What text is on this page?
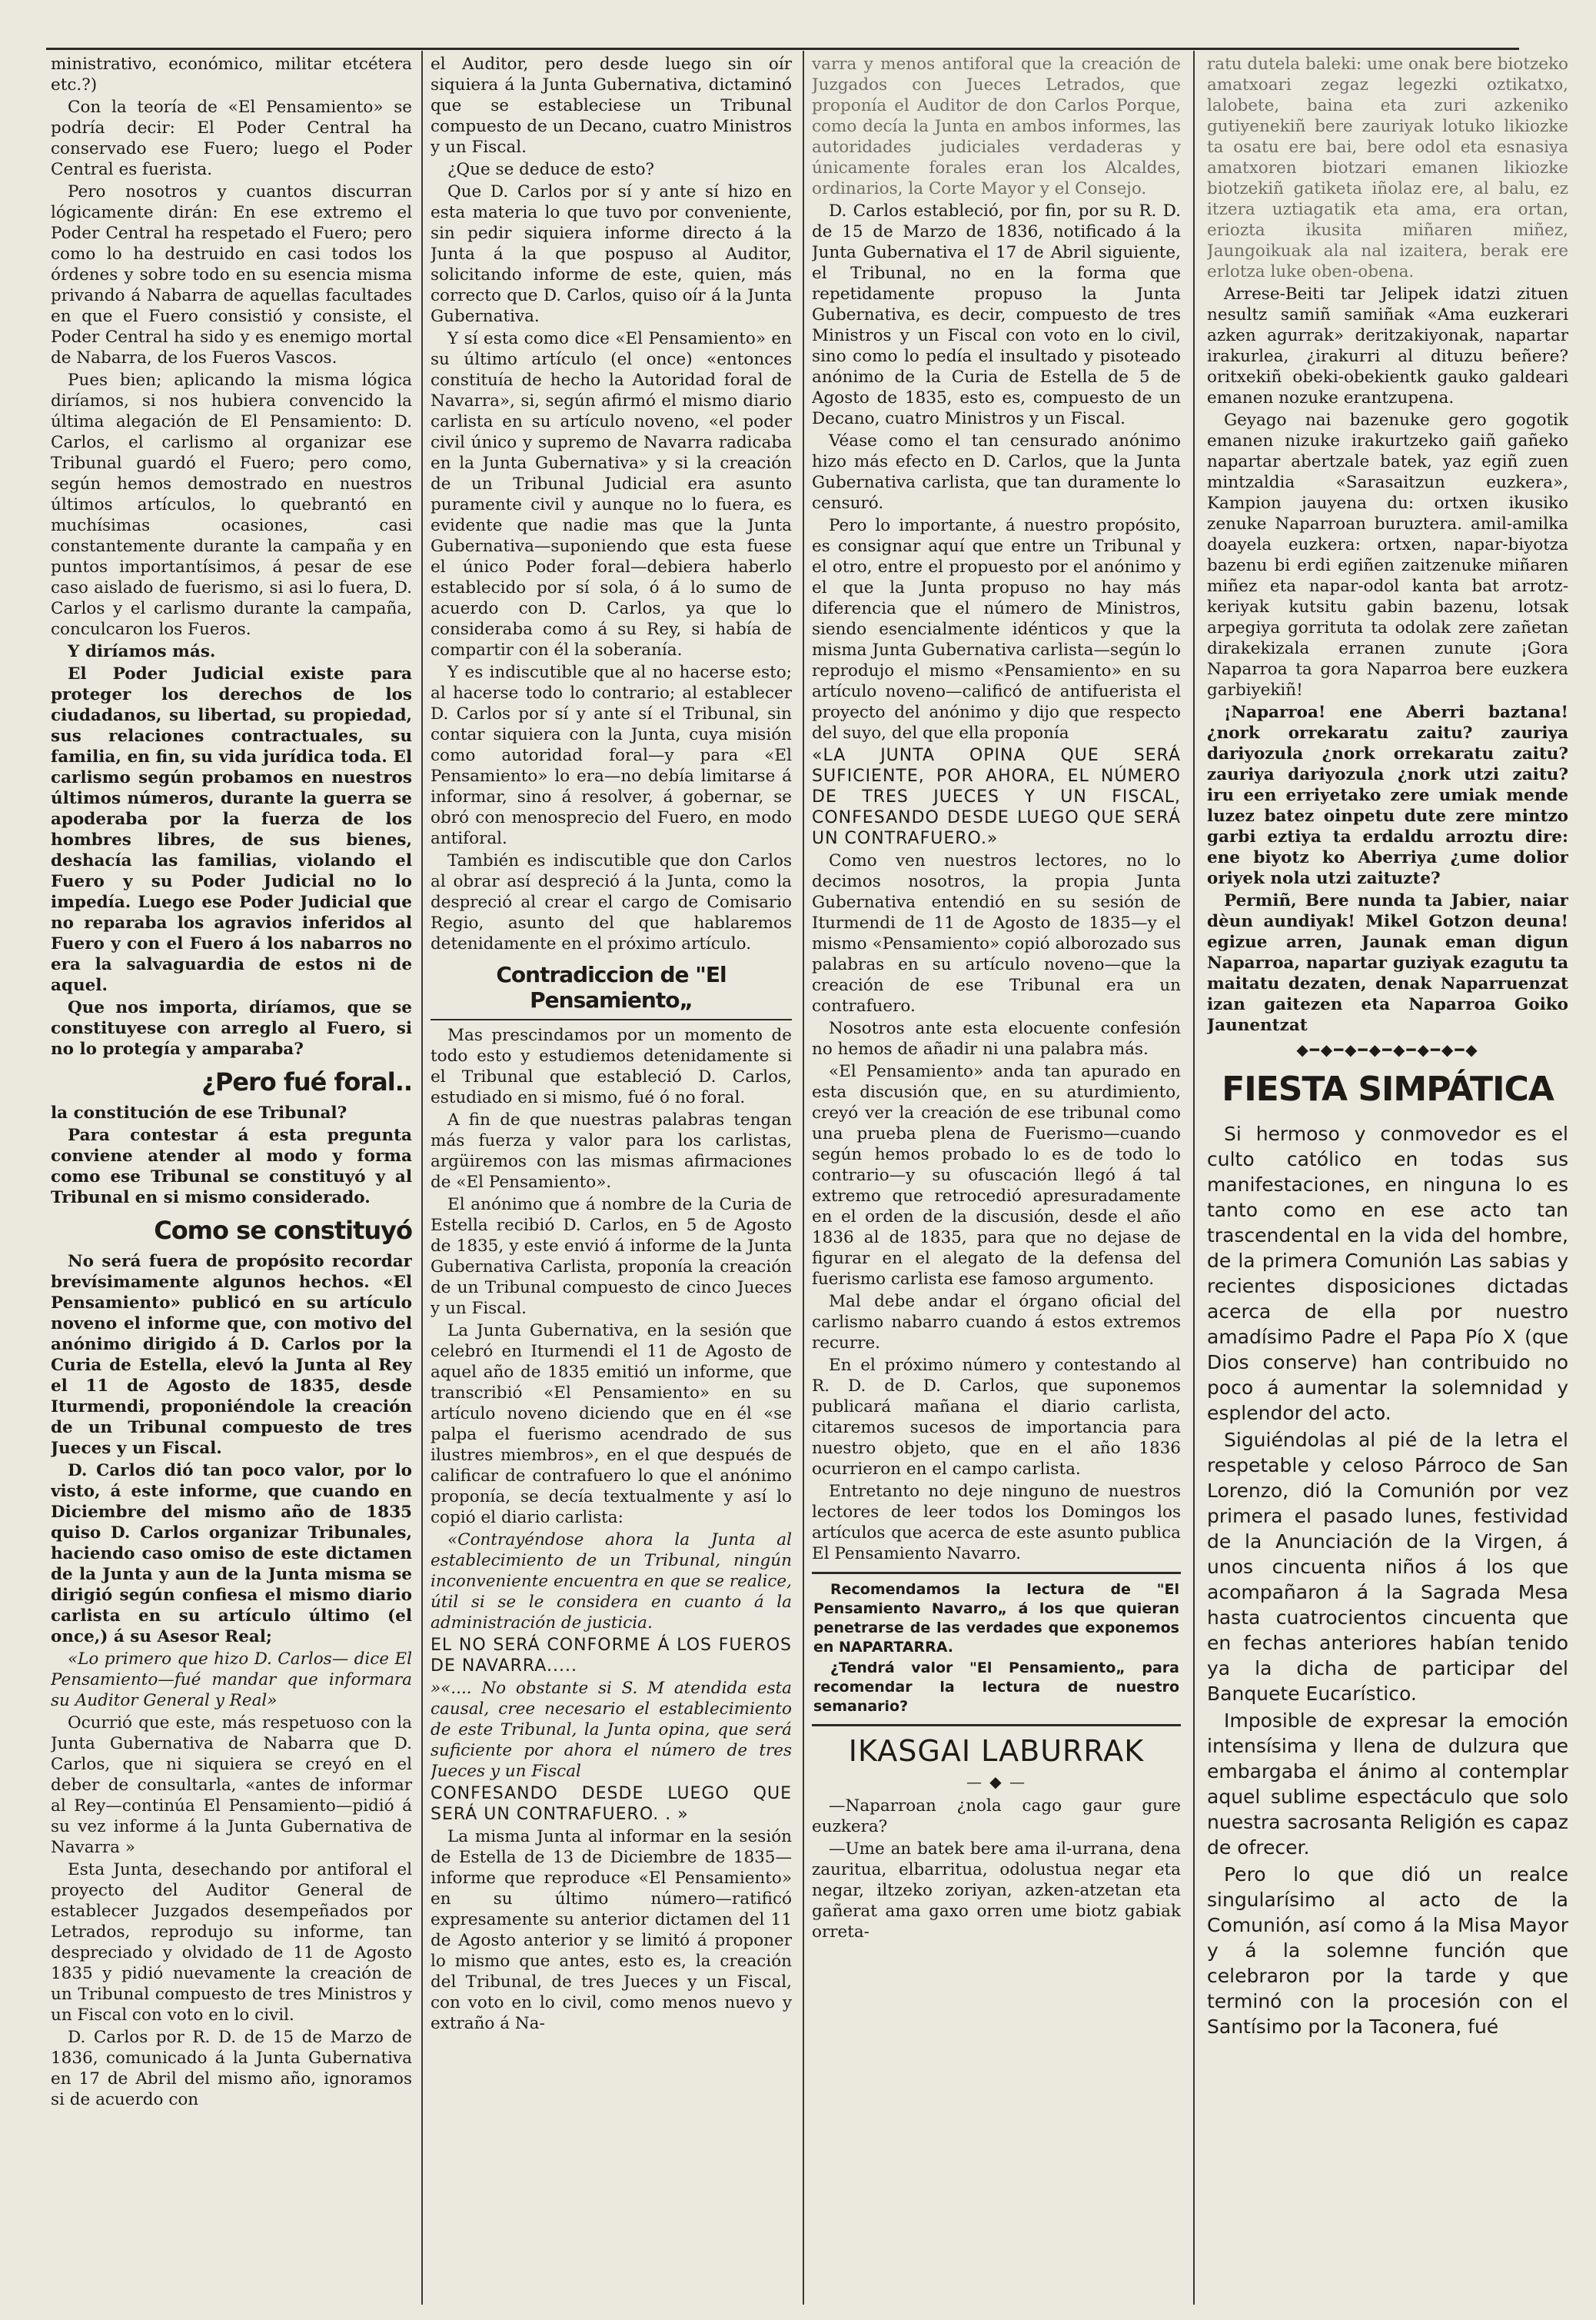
ministrativo, económico, militar etcétera etc.?)

Con la teoría de «El Pensamiento» se podría decir: El Poder Central ha conservado ese Fuero; luego el Poder Central es fuerista.

Pero nosotros y cuantos discurran lógicamente dirán: En ese extremo el Poder Central ha respetado el Fuero; pero como lo ha destruido en casi todos los órdenes y sobre todo en su esencia misma privando á Nabarra de aquellas facultades en que el Fuero consistió y consiste, el Poder Central ha sido y es enemigo mortal de Nabarra, de los Fueros Vascos.

Pues bien; aplicando la misma lógica diríamos, si nos hubiera convencido la última alegación de El Pensamiento: D. Carlos, el carlismo al organizar ese Tribunal guardó el Fuero; pero como, según hemos demostrado en nuestros últimos artículos, lo quebrantó en muchísimas ocasiones, casi constantemente durante la campaña y en puntos importantísimos, á pesar de ese caso aislado de fuerismo, si asi lo fuera, D. Carlos y el carlismo durante la campaña, conculcaron los Fueros.

Y diríamos más.

El Poder Judicial existe para proteger los derechos de los ciudadanos, su libertad, su propiedad, sus relaciones contractuales, su familia, en fin, su vida jurídica toda. El carlismo según probamos en nuestros últimos números, durante la guerra se apoderaba por la fuerza de los hombres libres, de sus bienes, deshacía las familias, violando el Fuero y su Poder Judicial no lo impedía. Luego ese Poder Judicial que no reparaba los agravios inferidos al Fuero y con el Fuero á los nabarros no era la salvaguardia de estos ni de aquel.

Que nos importa, diríamos, que se constituyese con arreglo al Fuero, si no lo protegía y amparaba?

¿Pero fué foral..

la constitución de ese Tribunal?

Para contestar á esta pregunta conviene atender al modo y forma como ese Tribunal se constituyó y al Tribunal en si mismo considerado.

Como se constituyó

No será fuera de propósito recordar brevísimamente algunos hechos. «El Pensamiento» publicó en su artículo noveno el informe que, con motivo del anónimo dirigido á D. Carlos por la Curia de Estella, elevó la Junta al Rey el 11 de Agosto de 1835, desde Iturmendi, proponiéndole la creación de un Tribunal compuesto de tres Jueces y un Fiscal.

D. Carlos dió tan poco valor, por lo visto, á este informe, que cuando en Diciembre del mismo año de 1835 quiso D. Carlos organizar Tribunales, haciendo caso omiso de este dictamen de la Junta y aun de la Junta misma se dirigió según confiesa el mismo diario carlista en su artículo último (el once,) á su Asesor Real;

«Lo primero que hizo D. Carlos— dice El Pensamiento—fué mandar que informara su Auditor General y Real»

Ocurrió que este, más respetuoso con la Junta Gubernativa de Nabarra que D. Carlos, que ni siquiera se creyó en el deber de consultarla, «antes de informar al Rey—continúa El Pensamiento—pidió á su vez informe á la Junta Gubernativa de Navarra »

Esta Junta, desechando por antiforal el proyecto del Auditor General de establecer Juzgados desempeñados por Letrados, reprodujo su informe, tan despreciado y olvidado de 11 de Agosto 1835 y pidió nuevamente la creación de un Tribunal compuesto de tres Ministros y un Fiscal con voto en lo civil.

D. Carlos por R. D. de 15 de Marzo de 1836, comunicado á la Junta Gubernativa en 17 de Abril del mismo año, ignoramos si de acuerdo con

el Auditor, pero desde luego sin oír siquiera á la Junta Gubernativa, dictaminó que se estableciese un Tribunal compuesto de un Decano, cuatro Ministros y un Fiscal.

¿Que se deduce de esto?

Que D. Carlos por sí y ante sí hizo en esta materia lo que tuvo por conveniente, sin pedir siquiera informe directo á la Junta á la que pospuso al Auditor, solicitando informe de este, quien, más correcto que D. Carlos, quiso oír á la Junta Gubernativa.

Y sí esta como dice «El Pensamiento» en su último artículo (el once) «entonces constituía de hecho la Autoridad foral de Navarra», si, según afirmó el mismo diario carlista en su artículo noveno, «el poder civil único y supremo de Navarra radicaba en la Junta Gubernativa» y si la creación de un Tribunal Judicial era asunto puramente civil y aunque no lo fuera, es evidente que nadie mas que la Junta Gubernativa—suponiendo que esta fuese el único Poder foral—debiera haberlo establecido por sí sola, ó á lo sumo de acuerdo con D. Carlos, ya que lo consideraba como á su Rey, si había de compartir con él la soberanía.

Y es indiscutible que al no hacerse esto; al hacerse todo lo contrario; al establecer D. Carlos por sí y ante sí el Tribunal, sin contar siquiera con la Junta, cuya misión como autoridad foral—y para «El Pensamiento» lo era—no debía limitarse á informar, sino á resolver, á gobernar, se obró con menosprecio del Fuero, en modo antiforal.

También es indiscutible que don Carlos al obrar así despreció á la Junta, como la despreció al crear el cargo de Comisario Regio, asunto del que hablaremos detenidamente en el próximo artículo.

Contradiccion de "El Pensamiento„

Mas prescindamos por un momento de todo esto y estudiemos detenidamente si el Tribunal que estableció D. Carlos, estudiado en si mismo, fué ó no foral.

A fin de que nuestras palabras tengan más fuerza y valor para los carlistas, argüiremos con las mismas afirmaciones de «El Pensamiento».

El anónimo que á nombre de la Curia de Estella recibió D. Carlos, en 5 de Agosto de 1835, y este envió á informe de la Junta Gubernativa Carlista, proponía la creación de un Tribunal compuesto de cinco Jueces y un Fiscal.

La Junta Gubernativa, en la sesión que celebró en Iturmendi el 11 de Agosto de aquel año de 1835 emitió un informe, que transcribió «El Pensamiento» en su artículo noveno diciendo que en él «se palpa el fuerismo acendrado de sus ilustres miembros», en el que después de calificar de contrafuero lo que el anónimo proponía, se decía textualmente y así lo copió el diario carlista:

«Contrayéndose ahora la Junta al establecimiento de un Tribunal, ningún inconveniente encuentra en que se realice, útil si se le considera en cuanto á la administración de justicia.

EL NO SERÁ CONFORME Á LOS FUEROS DE NAVARRA.....

»«.... No obstante si S. M atendida esta causal, cree necesario el establecimiento de este Tribunal, la Junta opina, que será suficiente por ahora el número de tres Jueces y un Fiscal

CONFESANDO DESDE LUEGO QUE SERÁ UN CONTRAFUERO. . »

La misma Junta al informar en la sesión de Estella de 13 de Diciembre de 1835—informe que reproduce «El Pensamiento» en su último número—ratificó expresamente su anterior dictamen del 11 de Agosto anterior y se limitó á proponer lo mismo que antes, esto es, la creación del Tribunal, de tres Jueces y un Fiscal, con voto en lo civil, como menos nuevo y extraño á Na-

varra y menos antiforal que la creación de Juzgados con Jueces Letrados, que proponía el Auditor de don Carlos Porque, como decía la Junta en ambos informes, las autoridades judiciales verdaderas y únicamente forales eran los Alcaldes, ordinarios, la Corte Mayor y el Consejo.

D. Carlos estableció, por fin, por su R. D. de 15 de Marzo de 1836, notificado á la Junta Gubernativa el 17 de Abril siguiente, el Tribunal, no en la forma que repetidamente propuso la Junta Gubernativa, es decir, compuesto de tres Ministros y un Fiscal con voto en lo civil, sino como lo pedía el insultado y pisoteado anónimo de la Curia de Estella de 5 de Agosto de 1835, esto es, compuesto de un Decano, cuatro Ministros y un Fiscal.

Véase como el tan censurado anónimo hizo más efecto en D. Carlos, que la Junta Gubernativa carlista, que tan duramente lo censuró.

Pero lo importante, á nuestro propósito, es consignar aquí que entre un Tribunal y el otro, entre el propuesto por el anónimo y el que la Junta propuso no hay más diferencia que el número de Ministros, siendo esencialmente idénticos y que la misma Junta Gubernativa carlista—según lo reprodujo el mismo «Pensamiento» en su artículo noveno—calificó de antifuerista el proyecto del anónimo y dijo que respecto del suyo, del que ella proponía

«LA JUNTA OPINA QUE SERÁ SUFICIENTE, POR AHORA, EL NÚMERO DE TRES JUECES Y UN FISCAL, CONFESANDO DESDE LUEGO QUE SERÁ UN CONTRAFUERO.»

Como ven nuestros lectores, no lo decimos nosotros, la propia Junta Gubernativa entendió en su sesión de Iturmendi de 11 de Agosto de 1835—y el mismo «Pensamiento» copió alborozado sus palabras en su artículo noveno—que la creación de ese Tribunal era un contrafuero.

Nosotros ante esta elocuente confesión no hemos de añadir ni una palabra más.

«El Pensamiento» anda tan apurado en esta discusión que, en su aturdimiento, creyó ver la creación de ese tribunal como una prueba plena de Fuerismo—cuando según hemos probado lo es de todo lo contrario—y su ofuscación llegó á tal extremo que retrocedió apresuradamente en el orden de la discusión, desde el año 1836 al de 1835, para que no dejase de figurar en el alegato de la defensa del fuerismo carlista ese famoso argumento.

Mal debe andar el órgano oficial del carlismo nabarro cuando á estos extremos recurre.

En el próximo número y contestando al R. D. de D. Carlos, que suponemos publicará mañana el diario carlista, citaremos sucesos de importancia para nuestro objeto, que en el año 1836 ocurrieron en el campo carlista.

Entretanto no deje ninguno de nuestros lectores de leer todos los Domingos los artículos que acerca de este asunto publica El Pensamiento Navarro.

Recomendamos la lectura de "El Pensamiento Navarro„ á los que quieran penetrarse de las verdades que exponemos en NAPARTARRA.

¿Tendrá valor "El Pensamiento„ para recomendar la lectura de nuestro semanario?

IKASGAI LABURRAK
— ◆ —

—Naparroan ¿nola cago gaur gure euzkera?

—Ume an batek bere ama il-urrana, dena zauritua, elbarritua, odolustua negar eta negar, iltzeko zoriyan, azken-atzetan eta gañerat ama gaxo orren ume biotz gabiak orreta-

ratu dutela baleki: ume onak bere biotzeko amatxoari zegaz legezki oztikatxo, lalobete, baina eta zuri azkeniko gutiyenekiñ bere zauriyak lotuko likiozke ta osatu ere bai, bere odol eta esnasiya amatxoren biotzari emanen likiozke biotzekiñ gatiketa iñolaz ere, al balu, ez itzera uztiagatik eta ama, era ortan, eriozta ikusita miñaren miñez, Jaungoikuak ala nal izaitera, berak ere erlotza luke oben-obena.

Arrese-Beiti tar Jelipek idatzi zituen nesultz samiñ samiñak «Ama euzkerari azken agurrak» deritzakiyonak, napartar irakurlea, ¿irakurri al dituzu beñere? oritxekiñ obeki-obekientk gauko galdeari emanen nozuke erantzupena.

Geyago nai bazenuke gero gogotik emanen nizuke irakurtzeko gaiñ gañeko napartar abertzale batek, yaz egiñ zuen mintzaldia «Sarasaitzun euzkera», Kampion jauyena du: ortxen ikusiko zenuke Naparroan buruztera. amil-amilka doayela euzkera: ortxen, napar-biyotza bazenu bi erdi egiñen zaitzenuke miñaren miñez eta napar-odol kanta bat arrotz-keriyak kutsitu gabin bazenu, lotsak arpegiya gorrituta ta odolak zere zañetan dirakekizala erranen zunute ¡Gora Naparroa ta gora Naparroa bere euzkera garbiyekiñ!

¡Naparroa! ene Aberri baztana! ¿nork orrekaratu zaitu? zauriya dariyozula ¿nork orrekaratu zaitu? zauriya dariyozula ¿nork utzi zaitu? iru een erriyetako zere umiak mende luzez batez oinpetu dute zere mintzo garbi eztiya ta erdaldu arroztu dire: ene biyotz ko Aberriya ¿ume dolior oriyek nola utzi zaituzte?

Permiñ, Bere nunda ta Jabier, naiar dèun aundiyak! Mikel Gotzon deuna! egizue arren, Jaunak eman digun Naparroa, napartar guziyak ezagutu ta maitatu dezaten, denak Naparruenzat izan gaitezen eta Naparroa Goiko Jaunentzat

◆━◆━◆━◆━◆━◆━◆━◆
FIESTA SIMPÁTICA

Si hermoso y conmovedor es el culto católico en todas sus manifestaciones, en ninguna lo es tanto como en ese acto tan trascendental en la vida del hombre, de la primera Comunión Las sabias y recientes disposiciones dictadas acerca de ella por nuestro amadísimo Padre el Papa Pío X (que Dios conserve) han contribuido no poco á aumentar la solemnidad y esplendor del acto.

Siguiéndolas al pié de la letra el respetable y celoso Párroco de San Lorenzo, dió la Comunión por vez primera el pasado lunes, festividad de la Anunciación de la Virgen, á unos cincuenta niños á los que acompañaron á la Sagrada Mesa hasta cuatrocientos cincuenta que en fechas anteriores habían tenido ya la dicha de participar del Banquete Eucarístico.

Imposible de expresar la emoción intensísima y llena de dulzura que embargaba el ánimo al contemplar aquel sublime espectáculo que solo nuestra sacrosanta Religión es capaz de ofrecer.

Pero lo que dió un realce singularísimo al acto de la Comunión, así como á la Misa Mayor y á la solemne función que celebraron por la tarde y que terminó con la procesión con el Santísimo por la Taconera, fué
